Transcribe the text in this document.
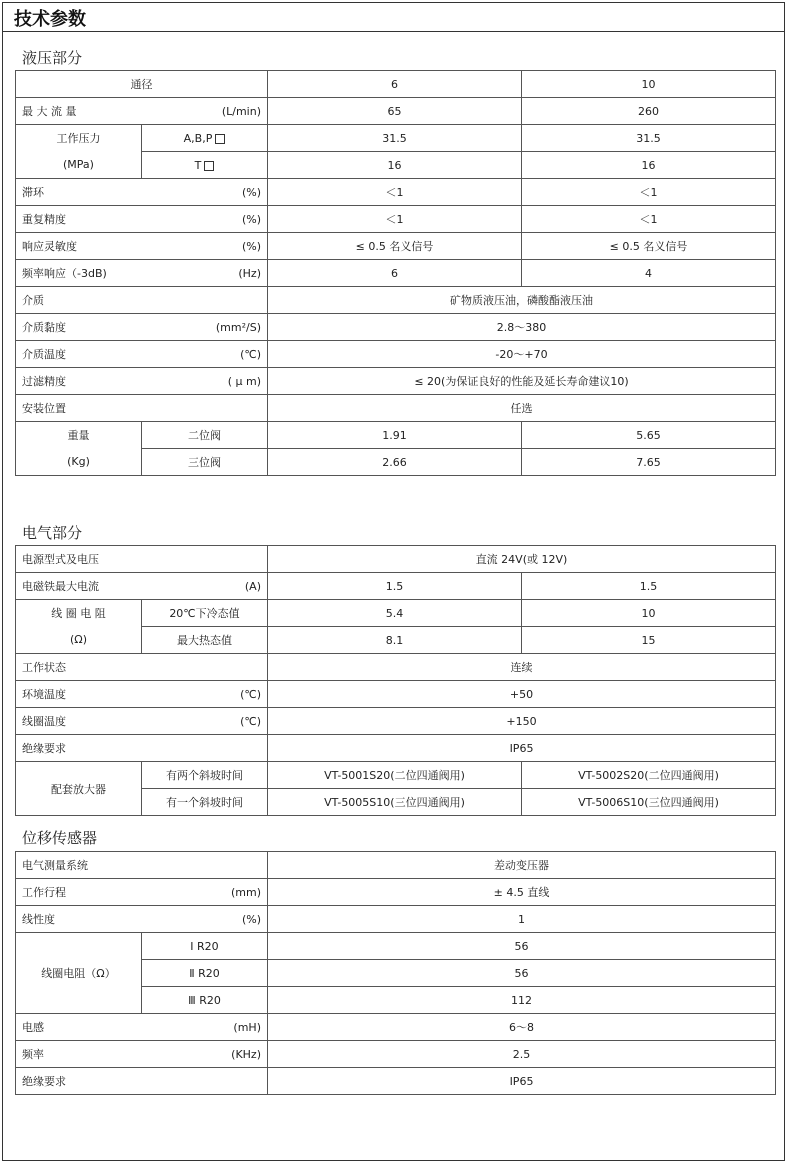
技术参数
液压部分
通径		6	10

最 大 流 量 (L/min)		65	260
工作压力	A,B,P	31.5	31.5
(MPa)	T	16	16

滞环 (%)		＜1	＜1

重复精度 (%)		＜1	＜1

响应灵敏度 (%)		≤ 0.5 名义信号	≤ 0.5 名义信号

频率响应（-3dB) (Hz)		6	4
介质		矿物质液压油，磷酸酯液压油	

介质黏度 (mm²/S)		2.8～380	

介质温度 (℃)		-20～+70	

过滤精度 ( μ m)		≤ 20(为保证良好的性能及延长寿命建议10)	
安装位置		任选	
重量	二位阀	1.91	5.65
(Kg)	三位阀	2.66	7.65
电气部分
电源型式及电压		直流 24V(或 12V)	

电磁铁最大电流 (A)		1.5	1.5
线 圈 电 阻	20℃下冷态值	5.4	10
(Ω)	最大热态值	8.1	15
工作状态		连续	

环境温度 (℃)		+50	

线圈温度 (℃)		+150	
绝缘要求		IP65	
配套放大器	有两个斜坡时间	VT-5001S20(二位四通阀用)	VT-5002S20(二位四通阀用)
	有一个斜坡时间	VT-5005S10(三位四通阀用)	VT-5006S10(三位四通阀用)
位移传感器
电气测量系统		差动变压器

工作行程 (mm)		± 4.5 直线

线性度 (%)		1
线圈电阻（Ω）	Ⅰ R20	56
	Ⅱ R20	56
	Ⅲ R20	112

电感 (mH)		6～8

频率 (KHz)		2.5
绝缘要求		IP65
